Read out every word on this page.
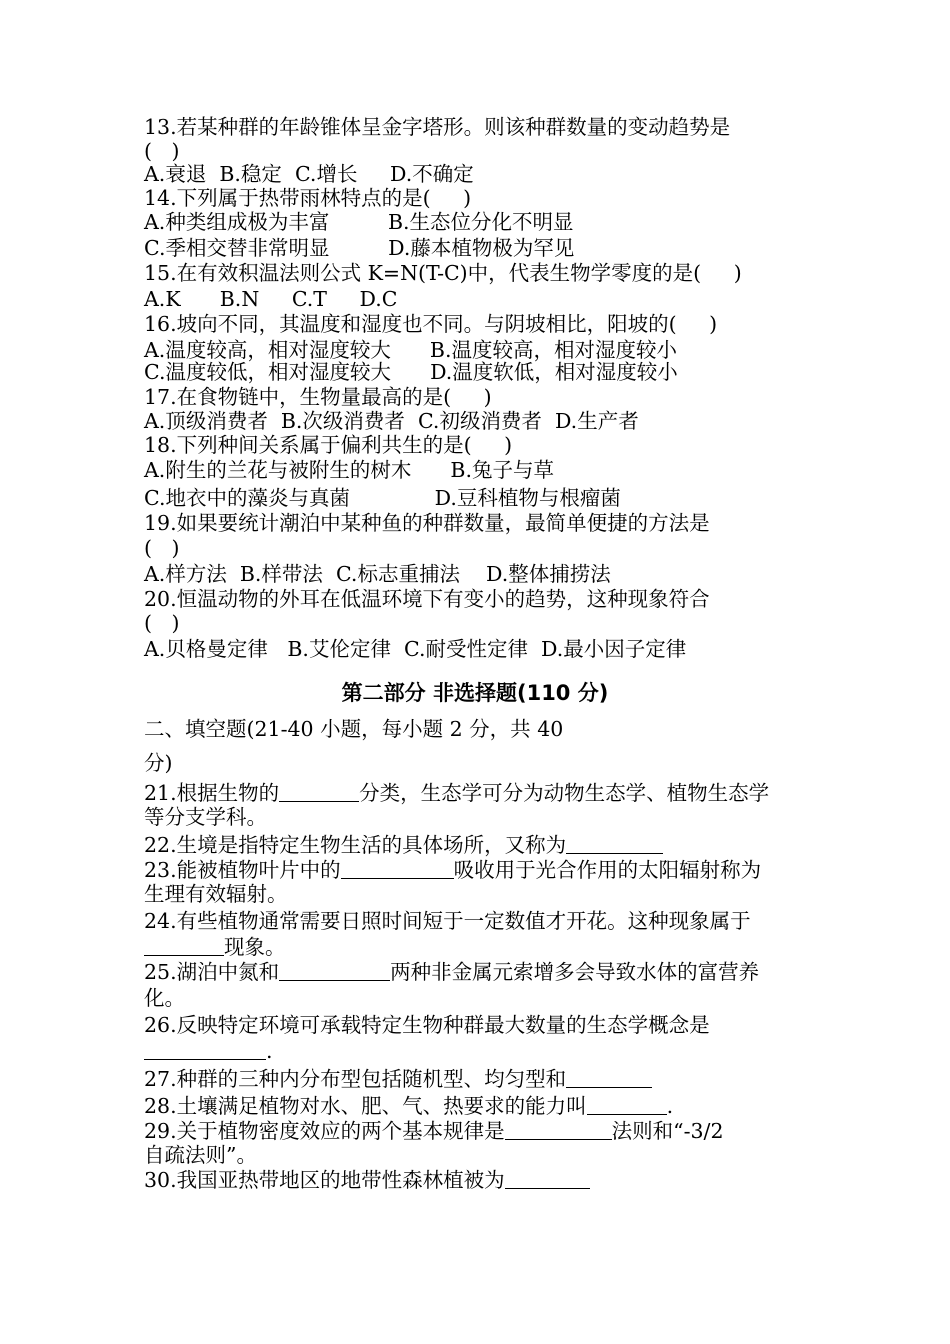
13.若某种群的年龄锥体呈金字塔形。则该种群数量的变动趋势是
(   )
A.衰退  B.稳定  C.增长     D.不确定
14.下列属于热带雨林特点的是(     )
A.种类组成极为丰富         B.生态位分化不明显
C.季相交替非常明显         D.藤本植物极为罕见
15.在有效积温法则公式 K=N(T-C)中，代表生物学零度的是(     )
A.K      B.N     C.T     D.C
16.坡向不同，其温度和湿度也不同。与阴坡相比，阳坡的(     )
A.温度较高，相对湿度较大      B.温度较高，相对湿度较小
C.温度较低，相对湿度较大      D.温度软低，相对湿度较小
17.在食物链中，生物量最高的是(     )
A.顶级消费者  B.次级消费者  C.初级消费者  D.生产者
18.下列种间关系属于偏利共生的是(     )
A.附生的兰花与被附生的树木      B.兔子与草
C.地衣中的藻炎与真菌             D.豆科植物与根瘤菌
19.如果要统计潮泊中某种鱼的种群数量，最简单便捷的方法是
(   )
A.样方法  B.样带法  C.标志重捕法    D.整体捕捞法
20.恒温动物的外耳在低温环境下有变小的趋势，这种现象符合
(   )
A.贝格曼定律   B.艾伦定律  C.耐受性定律  D.最小因子定律
第二部分 非选择题(110 分)
二、填空题(21-40 小题，每小题 2 分，共 40
分)
21.根据生物的	分类，生态学可分为动物生态学、植物生态学
等分支学科。
22.生境是指特定生物生活的具体场所，又称为
23.能被植物叶片中的	吸收用于光合作用的太阳辐射称为
生理有效辐射。
24.有些植物通常需要日照时间短于一定数值才开花。这种现象属于
现象。
25.湖泊中氮和	两种非金属元索增多会导致水体的富营养
化。
26.反映特定环境可承载特定生物种群最大数量的生态学概念是
.
27.种群的三种内分布型包括随机型、均匀型和
28.土壤满足植物对水、肥、气、热要求的能力叫	.
29.关于植物密度效应的两个基本规律是	法则和“-3/2
自疏法则”。
30.我国亚热带地区的地带性森林植被为
